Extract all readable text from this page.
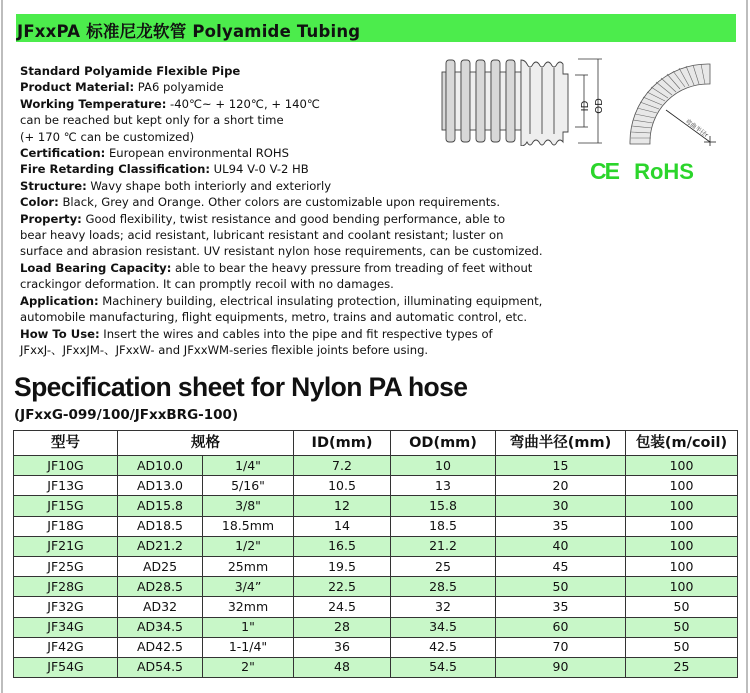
JFxxPA 标准尼龙软管 Polyamide Tubing
Standard Polyamide Flexible Pipe
Product Material: PA6 polyamide
Working Temperature: -40℃~ + 120℃, + 140℃
can be reached but kept only for a short time
(+ 170 ℃ can be customized)
Certification: European environmental ROHS
Fire Retarding Classification: UL94 V-0 V-2 HB
Structure: Wavy shape both interiorly and exteriorly
Color: Black, Grey and Orange. Other colors are customizable upon requirements.
Property: Good flexibility, twist resistance and good bending performance, able to
bear heavy loads; acid resistant, lubricant resistant and coolant resistant; luster on
surface and abrasion resistant. UV resistant nylon hose requirements, can be customized.
Load Bearing Capacity: able to bear the heavy pressure from treading of feet without
crackingor deformation. It can promptly recoil with no damages.
Application: Machinery building, electrical insulating protection, illuminating equipment,
automobile manufacturing, flight equipments, metro, trains and automatic control, etc.
How To Use: Insert the wires and cables into the pipe and fit respective types of
JFxxJ-、JFxxJM-、JFxxW- and JFxxWM-series flexible joints before using.
ID OD
弯曲半径r
CE RoHS
Specification sheet for Nylon PA hose
(JFxxG-099/100/JFxxBRG-100)
型号	规格		ID(mm)	OD(mm)	弯曲半径(mm)	包装(m/coil)
JF10G	AD10.0	1/4"	7.2	10	15	100
JF13G	AD13.0	5/16"	10.5	13	20	100
JF15G	AD15.8	3/8"	12	15.8	30	100
JF18G	AD18.5	18.5mm	14	18.5	35	100
JF21G	AD21.2	1/2"	16.5	21.2	40	100
JF25G	AD25	25mm	19.5	25	45	100
JF28G	AD28.5	3/4”	22.5	28.5	50	100
JF32G	AD32	32mm	24.5	32	35	50
JF34G	AD34.5	1"	28	34.5	60	50
JF42G	AD42.5	1-1/4"	36	42.5	70	50
JF54G	AD54.5	2"	48	54.5	90	25
